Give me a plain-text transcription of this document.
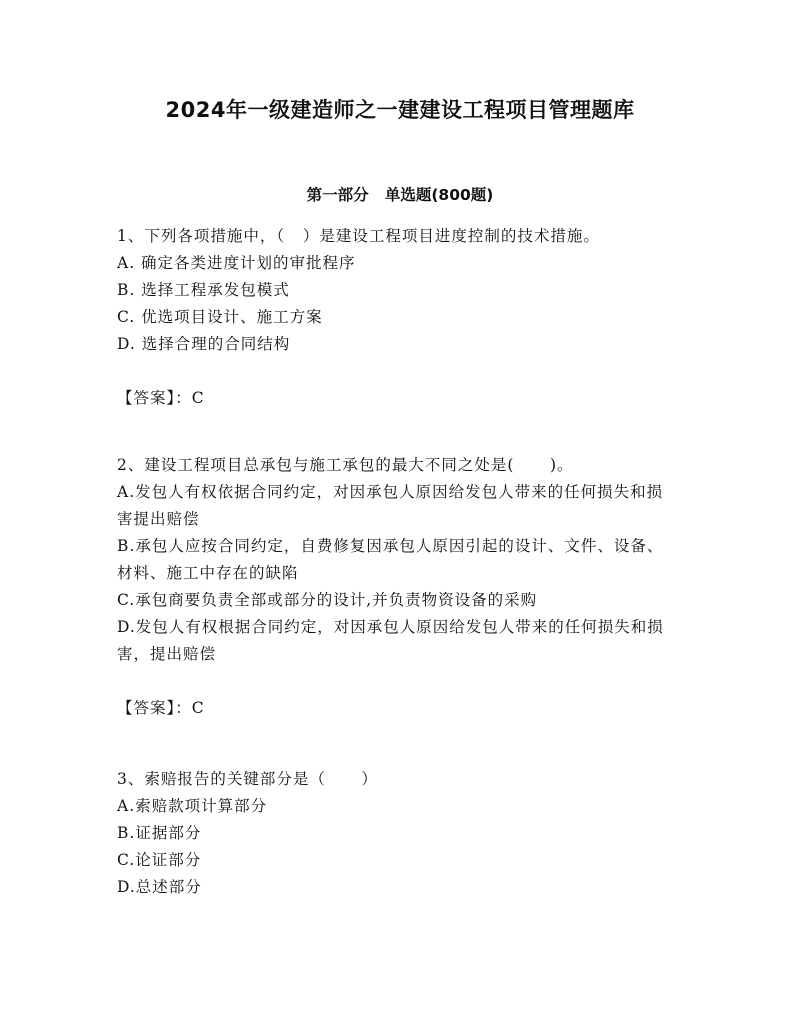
2024年一级建造师之一建建设工程项目管理题库
第一部分   单选题(800题)
1、下列各项措施中，（   ）是建设工程项目进度控制的技术措施。
A. 确定各类进度计划的审批程序
B. 选择工程承发包模式
C. 优选项目设计、施工方案
D. 选择合理的合同结构
【答案】：C
2、建设工程项目总承包与施工承包的最大不同之处是(      )。
A.发包人有权依据合同约定，对因承包人原因给发包人带来的任何损失和损害提出赔偿
B.承包人应按合同约定，自费修复因承包人原因引起的设计、文件、设备、材料、施工中存在的缺陷
C.承包商要负责全部或部分的设计,并负责物资设备的采购
D.发包人有权根据合同约定，对因承包人原因给发包人带来的任何损失和损害，提出赔偿
【答案】：C
3、索赔报告的关键部分是（      ）
A.索赔款项计算部分
B.证据部分
C.论证部分
D.总述部分
